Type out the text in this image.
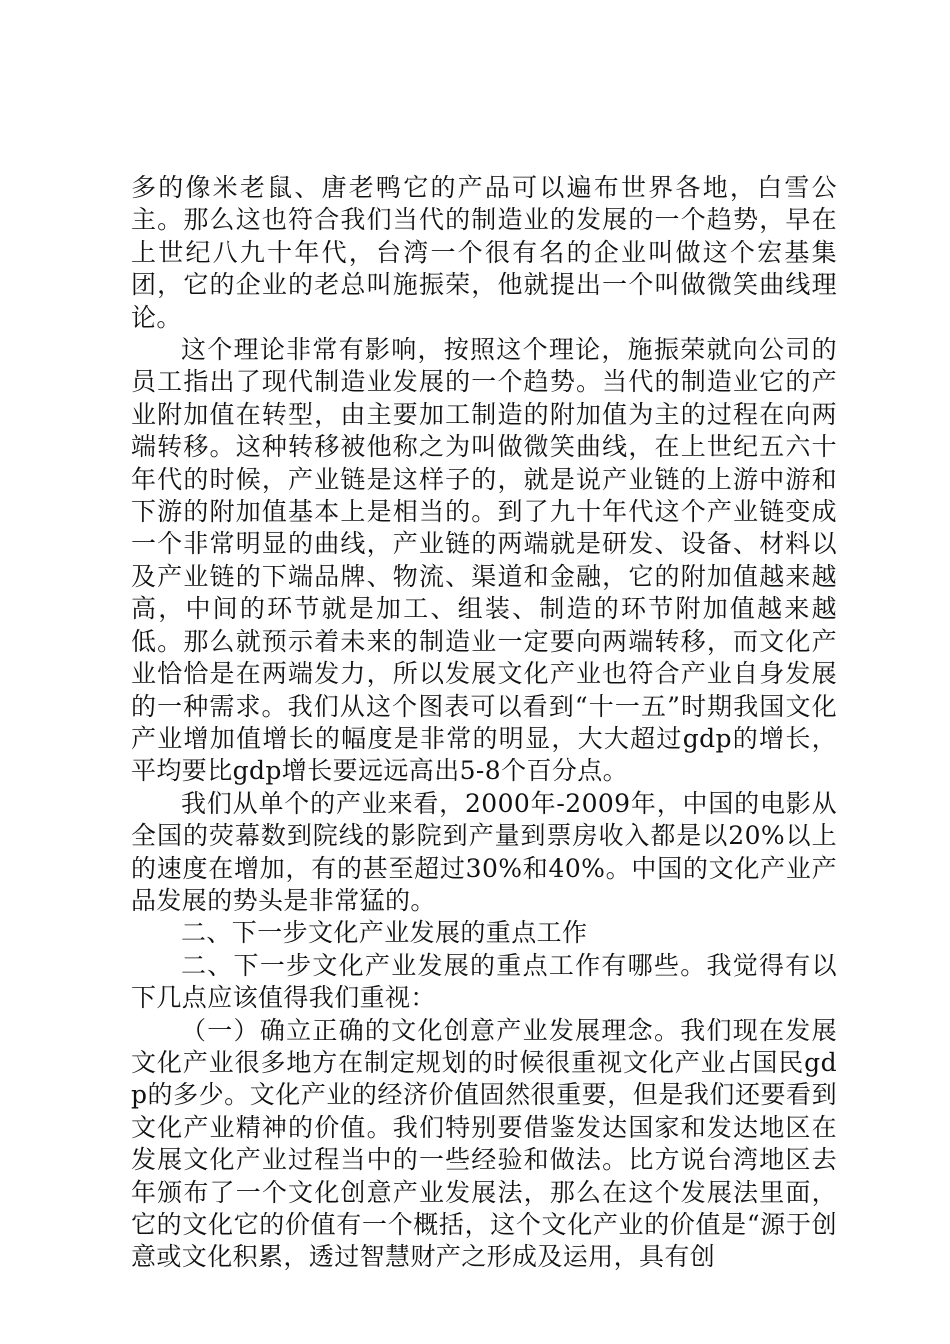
多的像米老鼠、唐老鸭它的产品可以遍布世界各地，白雪公主。那么这也符合我们当代的制造业的发展的一个趋势，早在上世纪八九十年代，台湾一个很有名的企业叫做这个宏基集团，它的企业的老总叫施振荣，他就提出一个叫做微笑曲线理论。

这个理论非常有影响，按照这个理论，施振荣就向公司的员工指出了现代制造业发展的一个趋势。当代的制造业它的产业附加值在转型，由主要加工制造的附加值为主的过程在向两端转移。这种转移被他称之为叫做微笑曲线，在上世纪五六十年代的时候，产业链是这样子的，就是说产业链的上游中游和下游的附加值基本上是相当的。到了九十年代这个产业链变成一个非常明显的曲线，产业链的两端就是研发、设备、材料以及产业链的下端品牌、物流、渠道和金融，它的附加值越来越高，中间的环节就是加工、组装、制造的环节附加值越来越低。那么就预示着未来的制造业一定要向两端转移，而文化产业恰恰是在两端发力，所以发展文化产业也符合产业自身发展的一种需求。我们从这个图表可以看到“十一五”时期我国文化产业增加值增长的幅度是非常的明显，大大超过gdp的增长，平均要比gdp增长要远远高出5-8个百分点。

我们从单个的产业来看，2000年-2009年，中国的电影从全国的荧幕数到院线的影院到产量到票房收入都是以20%以上的速度在增加，有的甚至超过30%和40%。中国的文化产业产品发展的势头是非常猛的。

二、下一步文化产业发展的重点工作

二、下一步文化产业发展的重点工作有哪些。我觉得有以下几点应该值得我们重视：

（一）确立正确的文化创意产业发展理念。我们现在发展文化产业很多地方在制定规划的时候很重视文化产业占国民gdp的多少。文化产业的经济价值固然很重要，但是我们还要看到文化产业精神的价值。我们特别要借鉴发达国家和发达地区在发展文化产业过程当中的一些经验和做法。比方说台湾地区去年颁布了一个文化创意产业发展法，那么在这个发展法里面，它的文化它的价值有一个概括，这个文化产业的价值是“源于创意或文化积累，透过智慧财产之形成及运用，具有创
